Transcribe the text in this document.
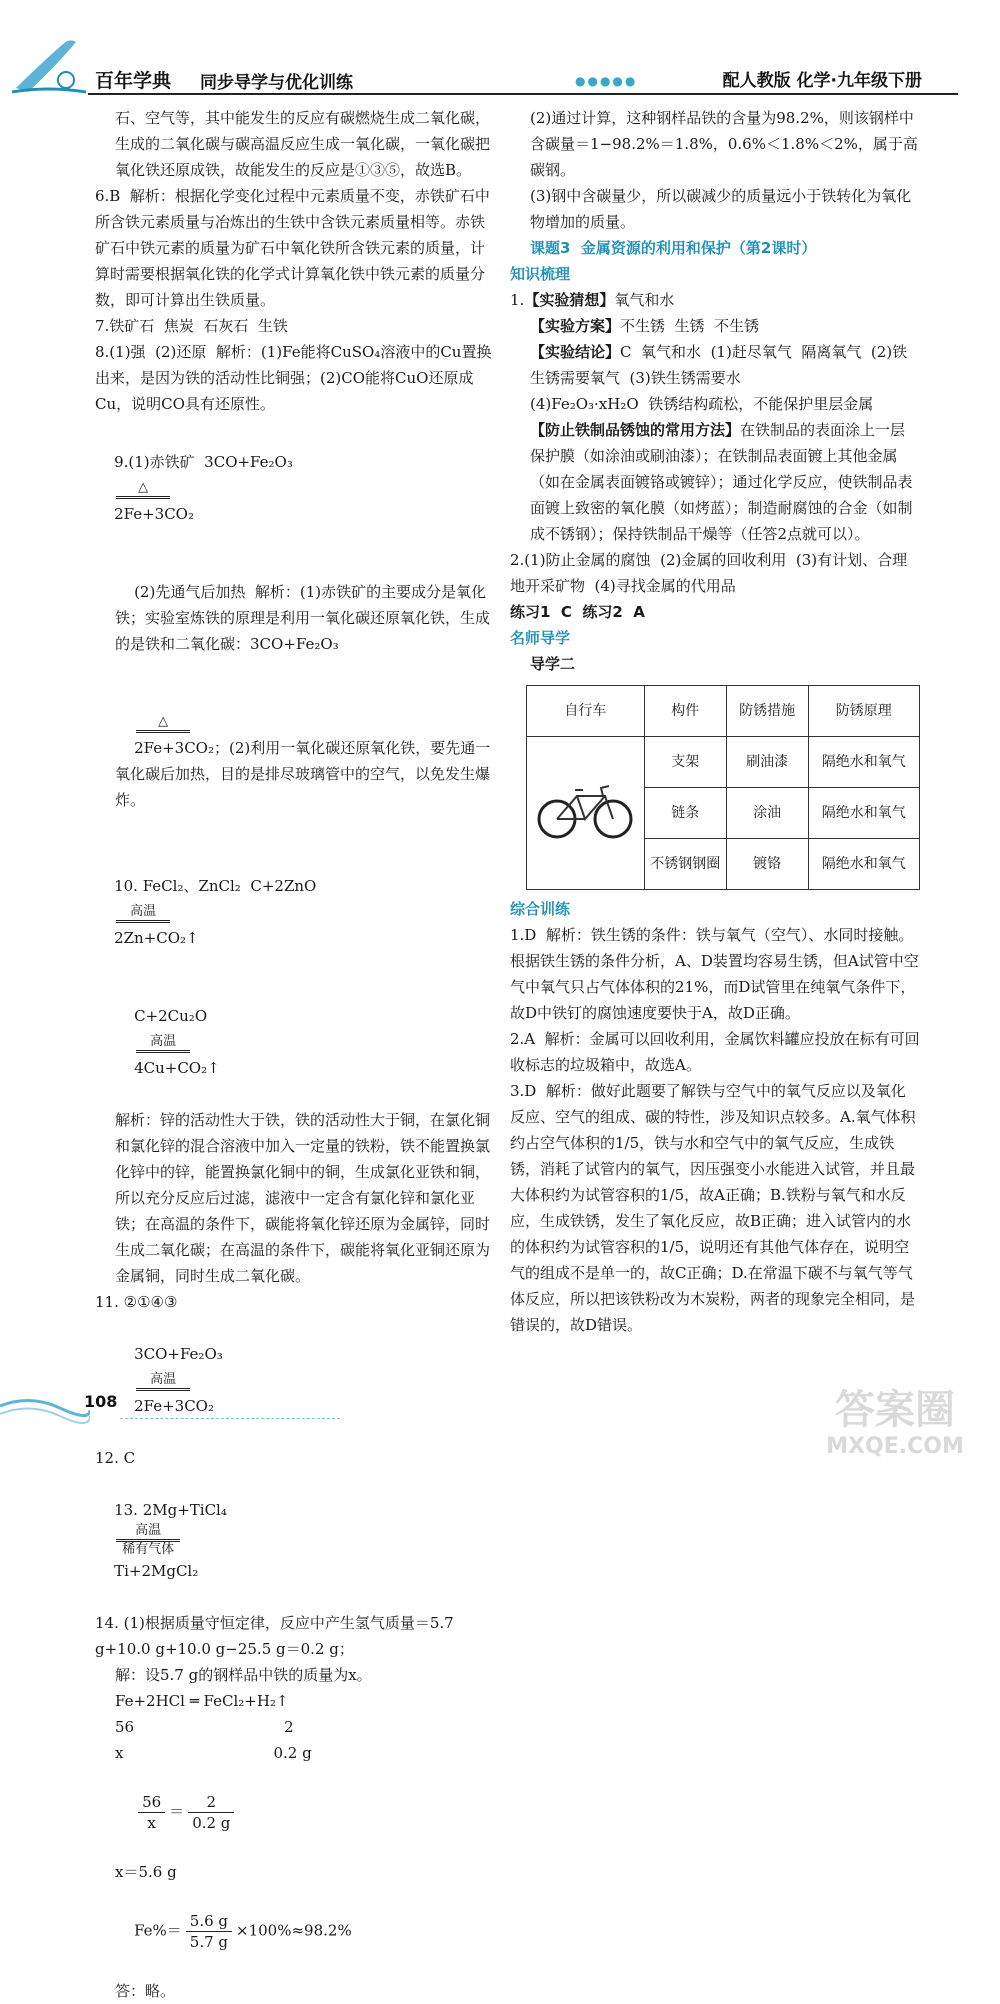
百年学典 同步导学与优化训练	●●●●●	配人教版 化学·九年级下册

石、空气等，其中能发生的反应有碳燃烧生成二氧化碳，生成的二氧化碳与碳高温反应生成一氧化碳，一氧化碳把氧化铁还原成铁，故能发生的反应是①③⑤，故选B。

6.B  解析：根据化学变化过程中元素质量不变，赤铁矿石中所含铁元素质量与冶炼出的生铁中含铁元素质量相等。赤铁矿石中铁元素的质量为矿石中氧化铁所含铁元素的质量，计算时需要根据氧化铁的化学式计算氧化铁中铁元素的质量分数，即可计算出生铁质量。

7.铁矿石  焦炭  石灰石  生铁

8.(1)强  (2)还原  解析：(1)Fe能将CuSO₄溶液中的Cu置换出来，是因为铁的活动性比铜强；(2)CO能将CuO还原成Cu，说明CO具有还原性。

9.(1)赤铁矿  3CO+Fe₂O₃

△

2Fe+3CO₂

(2)先通气后加热  解析：(1)赤铁矿的主要成分是氧化铁；实验室炼铁的原理是利用一氧化碳还原氧化铁，生成的是铁和二氧化碳：3CO+Fe₂O₃

△

2Fe+3CO₂；(2)利用一氧化碳还原氧化铁，要先通一氧化碳后加热，目的是排尽玻璃管中的空气，以免发生爆炸。

10. FeCl₂、ZnCl₂  C+2ZnO

高温

2Zn+CO₂↑

C+2Cu₂O

高温

4Cu+CO₂↑

解析：锌的活动性大于铁，铁的活动性大于铜，在氯化铜和氯化锌的混合溶液中加入一定量的铁粉，铁不能置换氯化锌中的锌，能置换氯化铜中的铜，生成氯化亚铁和铜，所以充分反应后过滤，滤液中一定含有氯化锌和氯化亚铁；在高温的条件下，碳能将氧化锌还原为金属锌，同时生成二氧化碳；在高温的条件下，碳能将氧化亚铜还原为金属铜，同时生成二氧化碳。

11. ②①④③

3CO+Fe₂O₃

高温

2Fe+3CO₂

12. C

13. 2Mg+TiCl₄

高温
稀有气体

Ti+2MgCl₂

14. (1)根据质量守恒定律，反应中产生氢气质量＝5.7 g+10.0 g+10.0 g−25.5 g＝0.2 g；

解：设5.7 g的钢样品中铁的质量为x。

Fe+2HCl ═ FeCl₂+H₂↑

56	2

x	0.2 g

$\frac{56}{x} = \frac{2}{0.2 g}$

x＝5.6 g

$Fe\%= \frac{5.6 g}{5.7 g} \times 100\%\approx 98.2\%$

答：略。

(2)通过计算，这种钢样品铁的含量为98.2%，则该钢样中含碳量＝1−98.2%＝1.8%，0.6%＜1.8%＜2%，属于高碳钢。

(3)钢中含碳量少，所以碳减少的质量远小于铁转化为氧化物增加的质量。

课题3  金属资源的利用和保护（第2课时）

知识梳理

1.【实验猜想】氧气和水

【实验方案】不生锈  生锈  不生锈

【实验结论】C  氧气和水  (1)赶尽氧气  隔离氧气  (2)铁生锈需要氧气  (3)铁生锈需要水

(4)Fe₂O₃·xH₂O  铁锈结构疏松，不能保护里层金属

【防止铁制品锈蚀的常用方法】在铁制品的表面涂上一层保护膜（如涂油或刷油漆）；在铁制品表面镀上其他金属（如在金属表面镀铬或镀锌）；通过化学反应，使铁制品表面镀上致密的氧化膜（如烤蓝）；制造耐腐蚀的合金（如制成不锈钢）；保持铁制品干燥等（任答2点就可以）。

2.(1)防止金属的腐蚀  (2)金属的回收利用  (3)有计划、合理地开采矿物  (4)寻找金属的代用品

练习1  C  练习2  A

名师导学

导学二

自行车	构件	防锈措施	防锈原理
	支架	刷油漆	隔绝水和氧气
	链条	涂油	隔绝水和氧气
	不锈钢钢圈	镀铬	隔绝水和氧气

综合训练

1.D  解析：铁生锈的条件：铁与氧气（空气）、水同时接触。根据铁生锈的条件分析，A、D装置均容易生锈，但A试管中空气中氧气只占气体体积的21%，而D试管里在纯氧气条件下，故D中铁钉的腐蚀速度要快于A，故D正确。

2.A  解析：金属可以回收利用，金属饮料罐应投放在标有可回收标志的垃圾箱中，故选A。

3.D  解析：做好此题要了解铁与空气中的氧气反应以及氧化反应、空气的组成、碳的特性，涉及知识点较多。A.氧气体积约占空气体积的1/5，铁与水和空气中的氧气反应，生成铁锈，消耗了试管内的氧气，因压强变小水能进入试管，并且最大体积约为试管容积的1/5，故A正确；B.铁粉与氧气和水反应，生成铁锈，发生了氧化反应，故B正确；进入试管内的水的体积约为试管容积的1/5，说明还有其他气体存在，说明空气的组成不是单一的，故C正确；D.在常温下碳不与氧气等气体反应，所以把该铁粉改为木炭粉，两者的现象完全相同，是错误的，故D错误。

108	答案圈
MXQE.COM
